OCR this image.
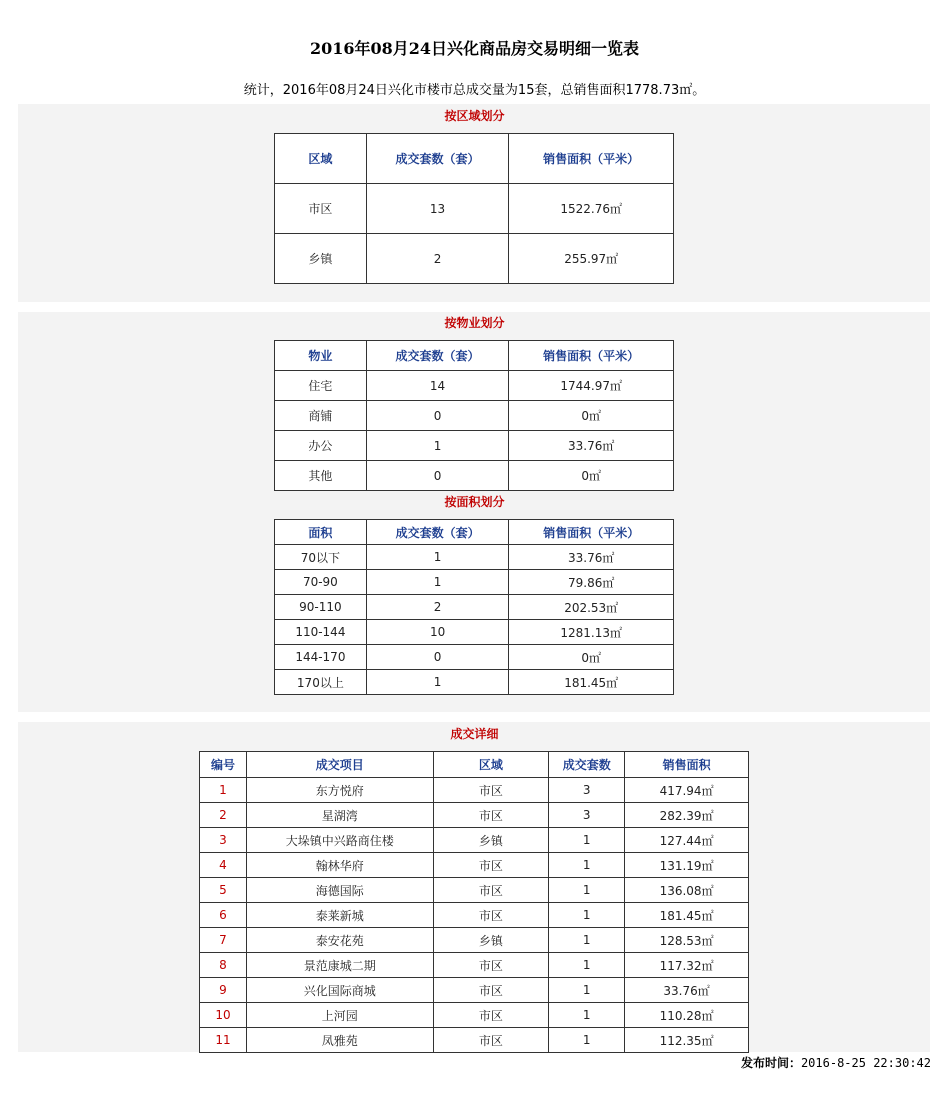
2016年08月24日兴化商品房交易明细一览表
统计，2016年08月24日兴化市楼市总成交量为15套，总销售面积1778.73㎡。
按区域划分
区域	成交套数（套）	销售面积（平米）
市区	13	1522.76㎡
乡镇	2	255.97㎡
按物业划分
物业	成交套数（套）	销售面积（平米）
住宅	14	1744.97㎡
商铺	0	0㎡
办公	1	33.76㎡
其他	0	0㎡
按面积划分
面积	成交套数（套）	销售面积（平米）
70以下	1	33.76㎡
70-90	1	79.86㎡
90-110	2	202.53㎡
110-144	10	1281.13㎡
144-170	0	0㎡
170以上	1	181.45㎡
成交详细
编号	成交项目	区域	成交套数	销售面积
1	东方悦府	市区	3	417.94㎡
2	星湖湾	市区	3	282.39㎡
3	大垛镇中兴路商住楼	乡镇	1	127.44㎡
4	翰林华府	市区	1	131.19㎡
5	海德国际	市区	1	136.08㎡
6	泰莱新城	市区	1	181.45㎡
7	泰安花苑	乡镇	1	128.53㎡
8	景范康城二期	市区	1	117.32㎡
9	兴化国际商城	市区	1	33.76㎡
10	上河园	市区	1	110.28㎡
11	凤雅苑	市区	1	112.35㎡
发布时间：2016-8-25 22:30:42
